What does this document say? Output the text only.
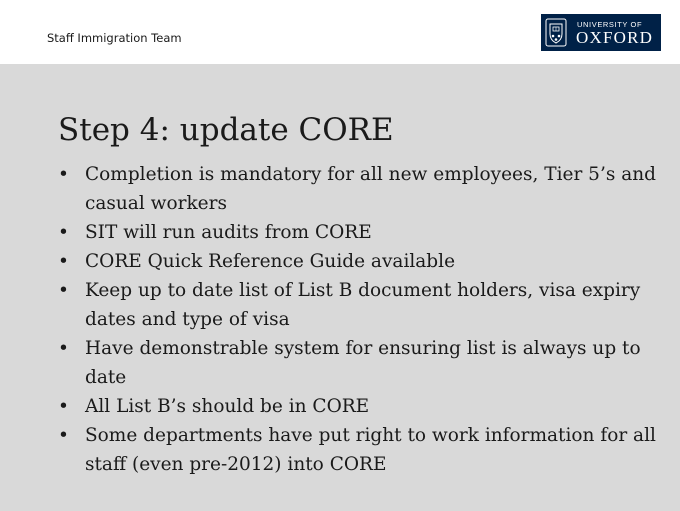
Staff Immigration Team
UNIVERSITY OF
OXFORD
Step 4: update CORE
• Completion is mandatory for all new employees, Tier 5’s and casual workers
• SIT will run audits from CORE
• CORE Quick Reference Guide available
• Keep up to date list of List B document holders, visa expiry dates and type of visa
• Have demonstrable system for ensuring list is always up to date
• All List B’s should be in CORE
• Some departments have put right to work information for all staff (even pre-2012) into CORE
